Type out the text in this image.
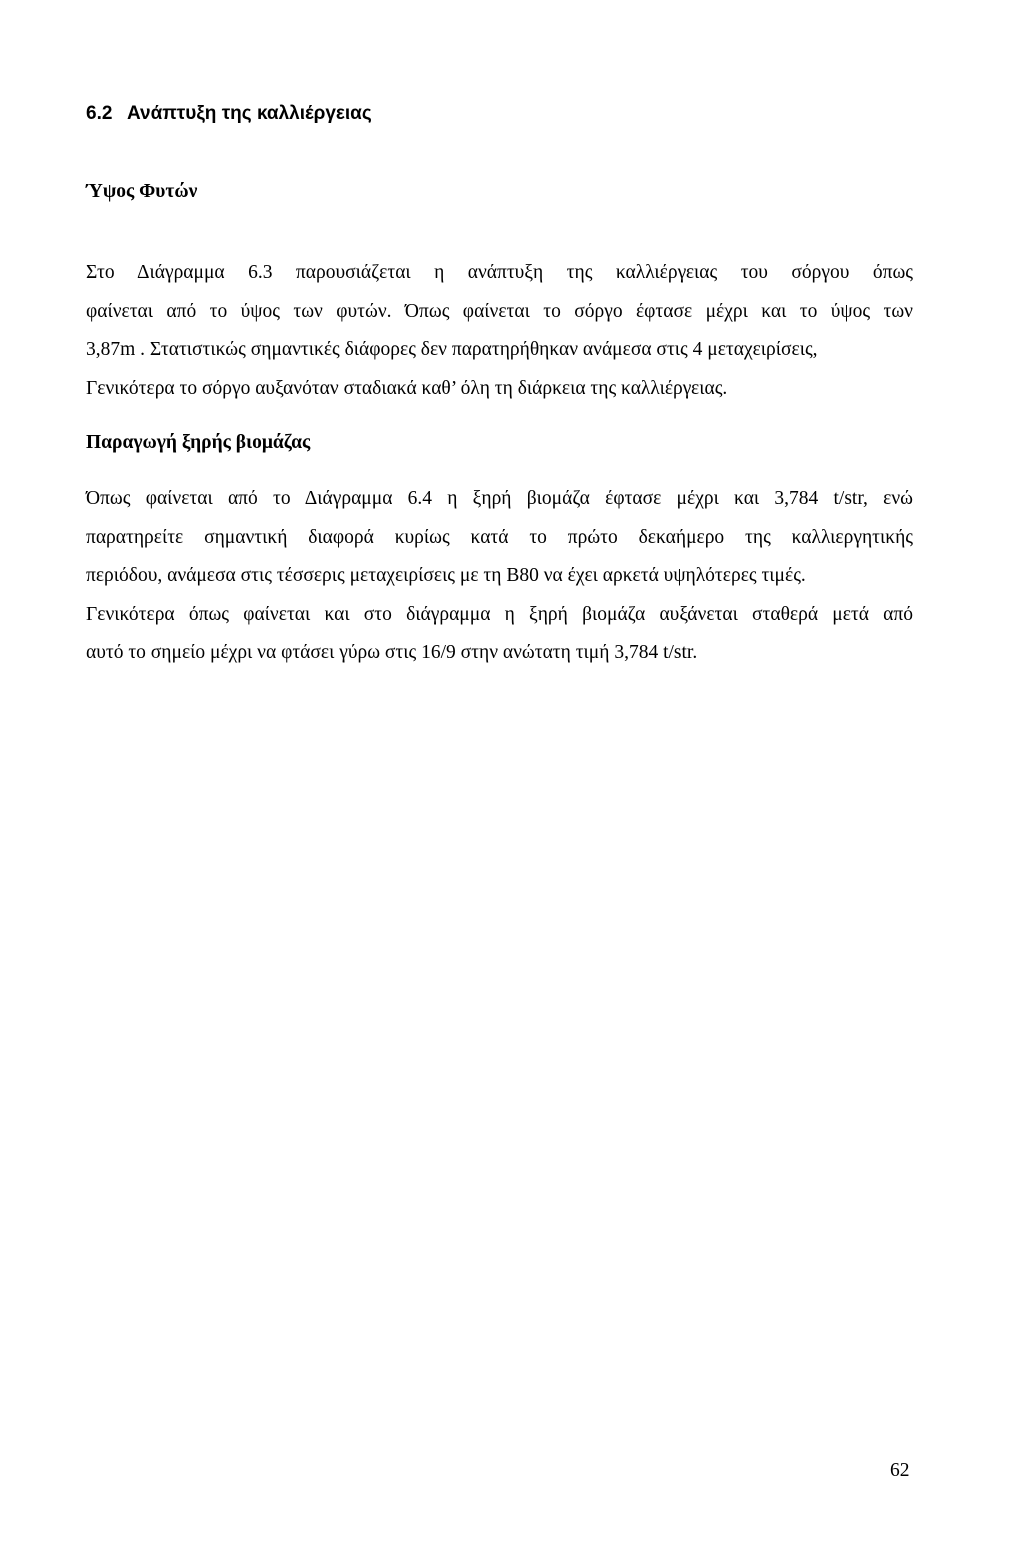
6.2 Ανάπτυξη της καλλιέργειας
Ύψος Φυτών
Στο Διάγραμμα 6.3 παρουσιάζεται η ανάπτυξη της καλλιέργειας του σόργου όπως
φαίνεται από το ύψος των φυτών. Όπως φαίνεται το σόργο έφτασε μέχρι και το ύψος των
3,87m . Στατιστικώς σημαντικές διάφορες δεν παρατηρήθηκαν ανάμεσα στις 4 μεταχειρίσεις,
Γενικότερα το σόργο αυξανόταν σταδιακά καθ’ όλη τη διάρκεια της καλλιέργειας.
Παραγωγή ξηρής βιομάζας
Όπως φαίνεται από το Διάγραμμα 6.4 η ξηρή βιομάζα έφτασε μέχρι και 3,784 t/str, ενώ
παρατηρείτε σημαντική διαφορά κυρίως κατά το πρώτο δεκαήμερο της καλλιεργητικής
περιόδου, ανάμεσα στις τέσσερις μεταχειρίσεις με τη Β80 να έχει αρκετά υψηλότερες τιμές.
Γενικότερα όπως φαίνεται και στο διάγραμμα η ξηρή βιομάζα αυξάνεται σταθερά μετά από
αυτό το σημείο μέχρι να φτάσει γύρω στις 16/9 στην ανώτατη τιμή 3,784 t/str.
62
